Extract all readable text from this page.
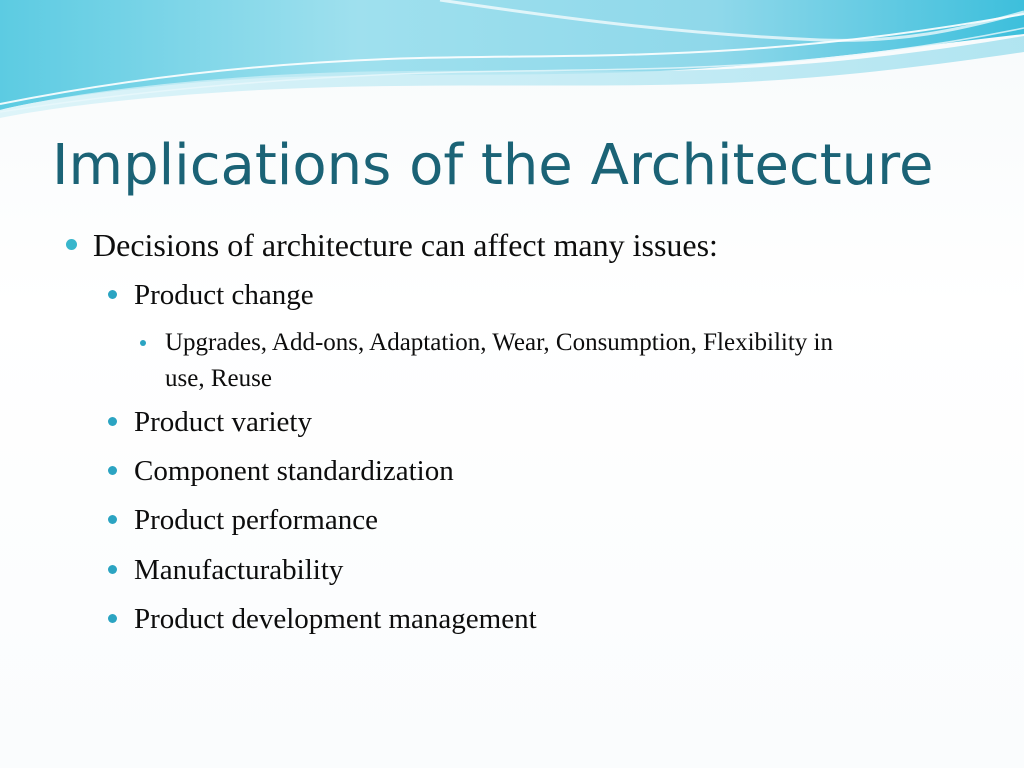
Implications of the Architecture
Decisions of architecture can affect many issues:
Product change
Upgrades, Add-ons, Adaptation, Wear, Consumption, Flexibility in use, Reuse
Product variety
Component standardization
Product performance
Manufacturability
Product development management
